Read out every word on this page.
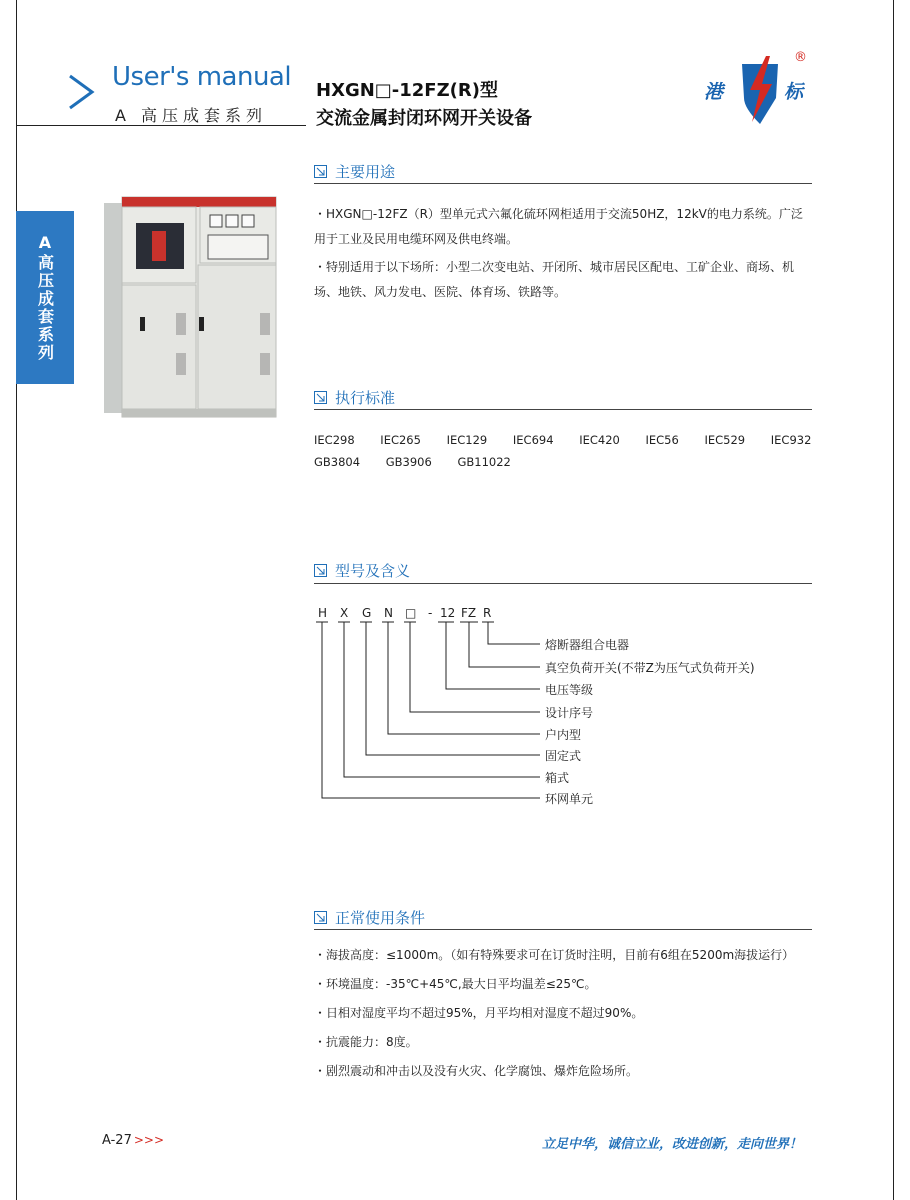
User's manual
A 高压成套系列
HXGN□-12FZ(R)型
交流金属封闭环网开关设备
港	标
®
A高压成套系列
主要用途

・HXGN□-12FZ（R）型单元式六氟化硫环网柜适用于交流50HZ，12kV的电力系统。广泛用于工业及民用电缆环网及供电终端。

・特别适用于以下场所：小型二次变电站、开闭所、城市居民区配电、工矿企业、商场、机场、地铁、风力发电、医院、体育场、铁路等。

执行标准
IEC298 IEC265 IEC129 IEC694 IEC420 IEC56 IEC529 IEC932
GB3804 GB3906 GB11022
型号及含义
H X G N □ - 12 FZ R
熔断器组合电器
真空负荷开关(不带Z为压气式负荷开关)
电压等级
设计序号
户内型
固定式
箱式
环网单元
正常使用条件

・海拔高度：≤1000m。（如有特殊要求可在订货时注明，目前有6组在5200m海拔运行）

・环境温度：-35℃+45℃,最大日平均温差≤25℃。

・日相对湿度平均不超过95%，月平均相对湿度不超过90%。

・抗震能力：8度。

・剧烈震动和冲击以及没有火灾、化学腐蚀、爆炸危险场所。

A-27 >>>	立足中华，诚信立业，改进创新，走向世界！
